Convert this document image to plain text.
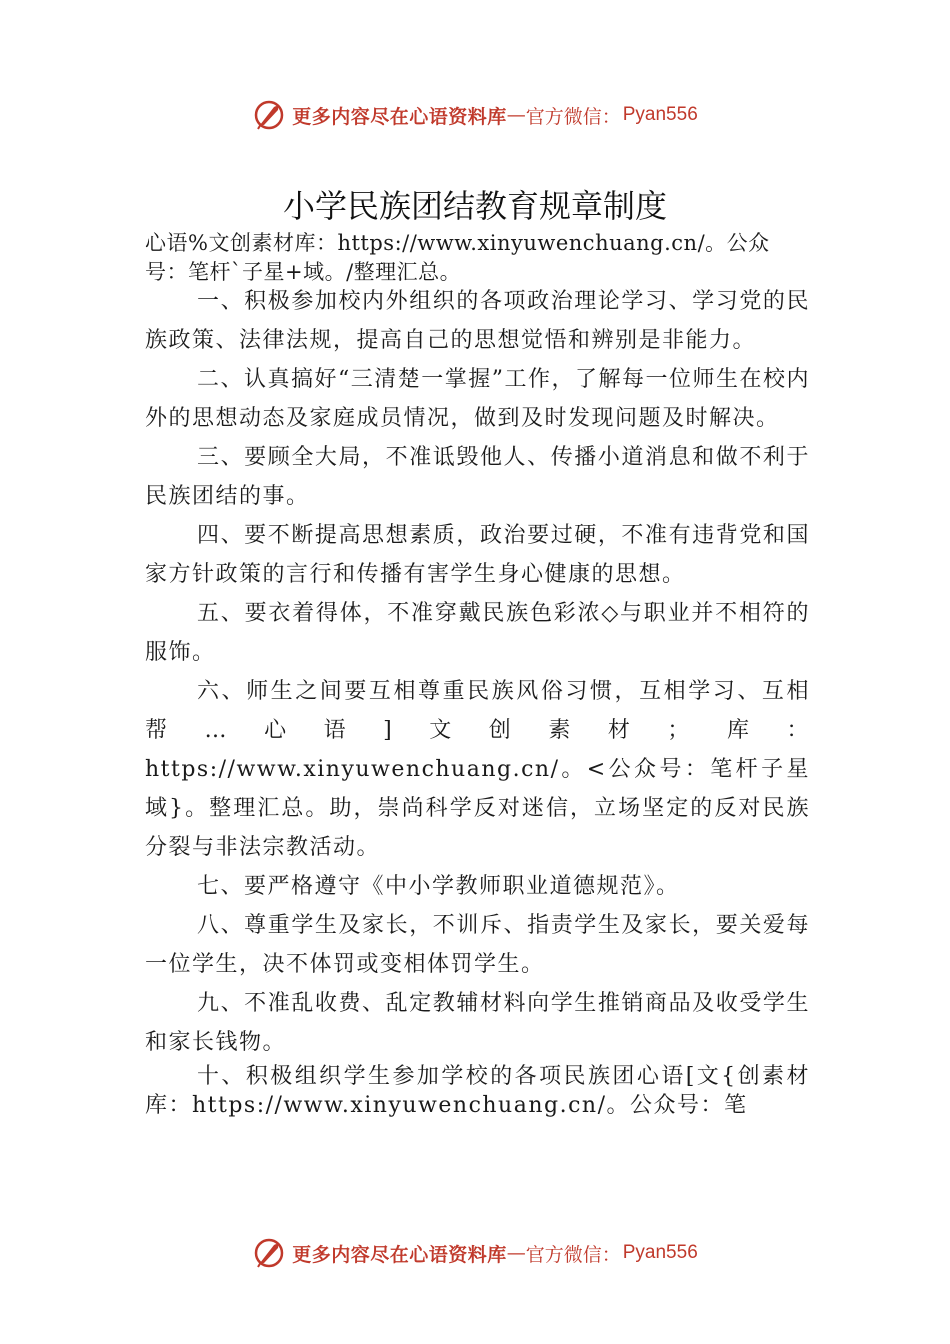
更多内容尽在心语资料库 — 官方微信： Pyan556
小学民族团结教育规章制度
心语%文创素材库：https://www.xinyuwenchuang.cn/。公众号：笔杆`子星+域。/整理汇总。

一、积极参加校内外组织的各项政治理论学习、学习党的民族政策、法律法规，提高自己的思想觉悟和辨别是非能力。

二、认真搞好“三清楚一掌握”工作，了解每一位师生在校内外的思想动态及家庭成员情况，做到及时发现问题及时解决。

三、要顾全大局，不准诋毁他人、传播小道消息和做不利于民族团结的事。

四、要不断提高思想素质，政治要过硬，不准有违背党和国家方针政策的言行和传播有害学生身心健康的思想。

五、要衣着得体，不准穿戴民族色彩浓◇与职业并不相符的服饰。

六、师生之间要互相尊重民族风俗习惯，互相学习、互相帮…心语]文创素材；库：https://www.xinyuwenchuang.cn/。<公众号：笔杆子星域}。整理汇总。助，崇尚科学反对迷信，立场坚定的反对民族分裂与非法宗教活动。

七、要严格遵守《中小学教师职业道德规范》。

八、尊重学生及家长，不训斥、指责学生及家长，要关爱每一位学生，决不体罚或变相体罚学生。

九、不准乱收费、乱定教辅材料向学生推销商品及收受学生和家长钱物。

十、积极组织学生参加学校的各项民族团心语[文{创素材库：https://www.xinyuwenchuang.cn/。公众号：笔

更多内容尽在心语资料库 — 官方微信： Pyan556
